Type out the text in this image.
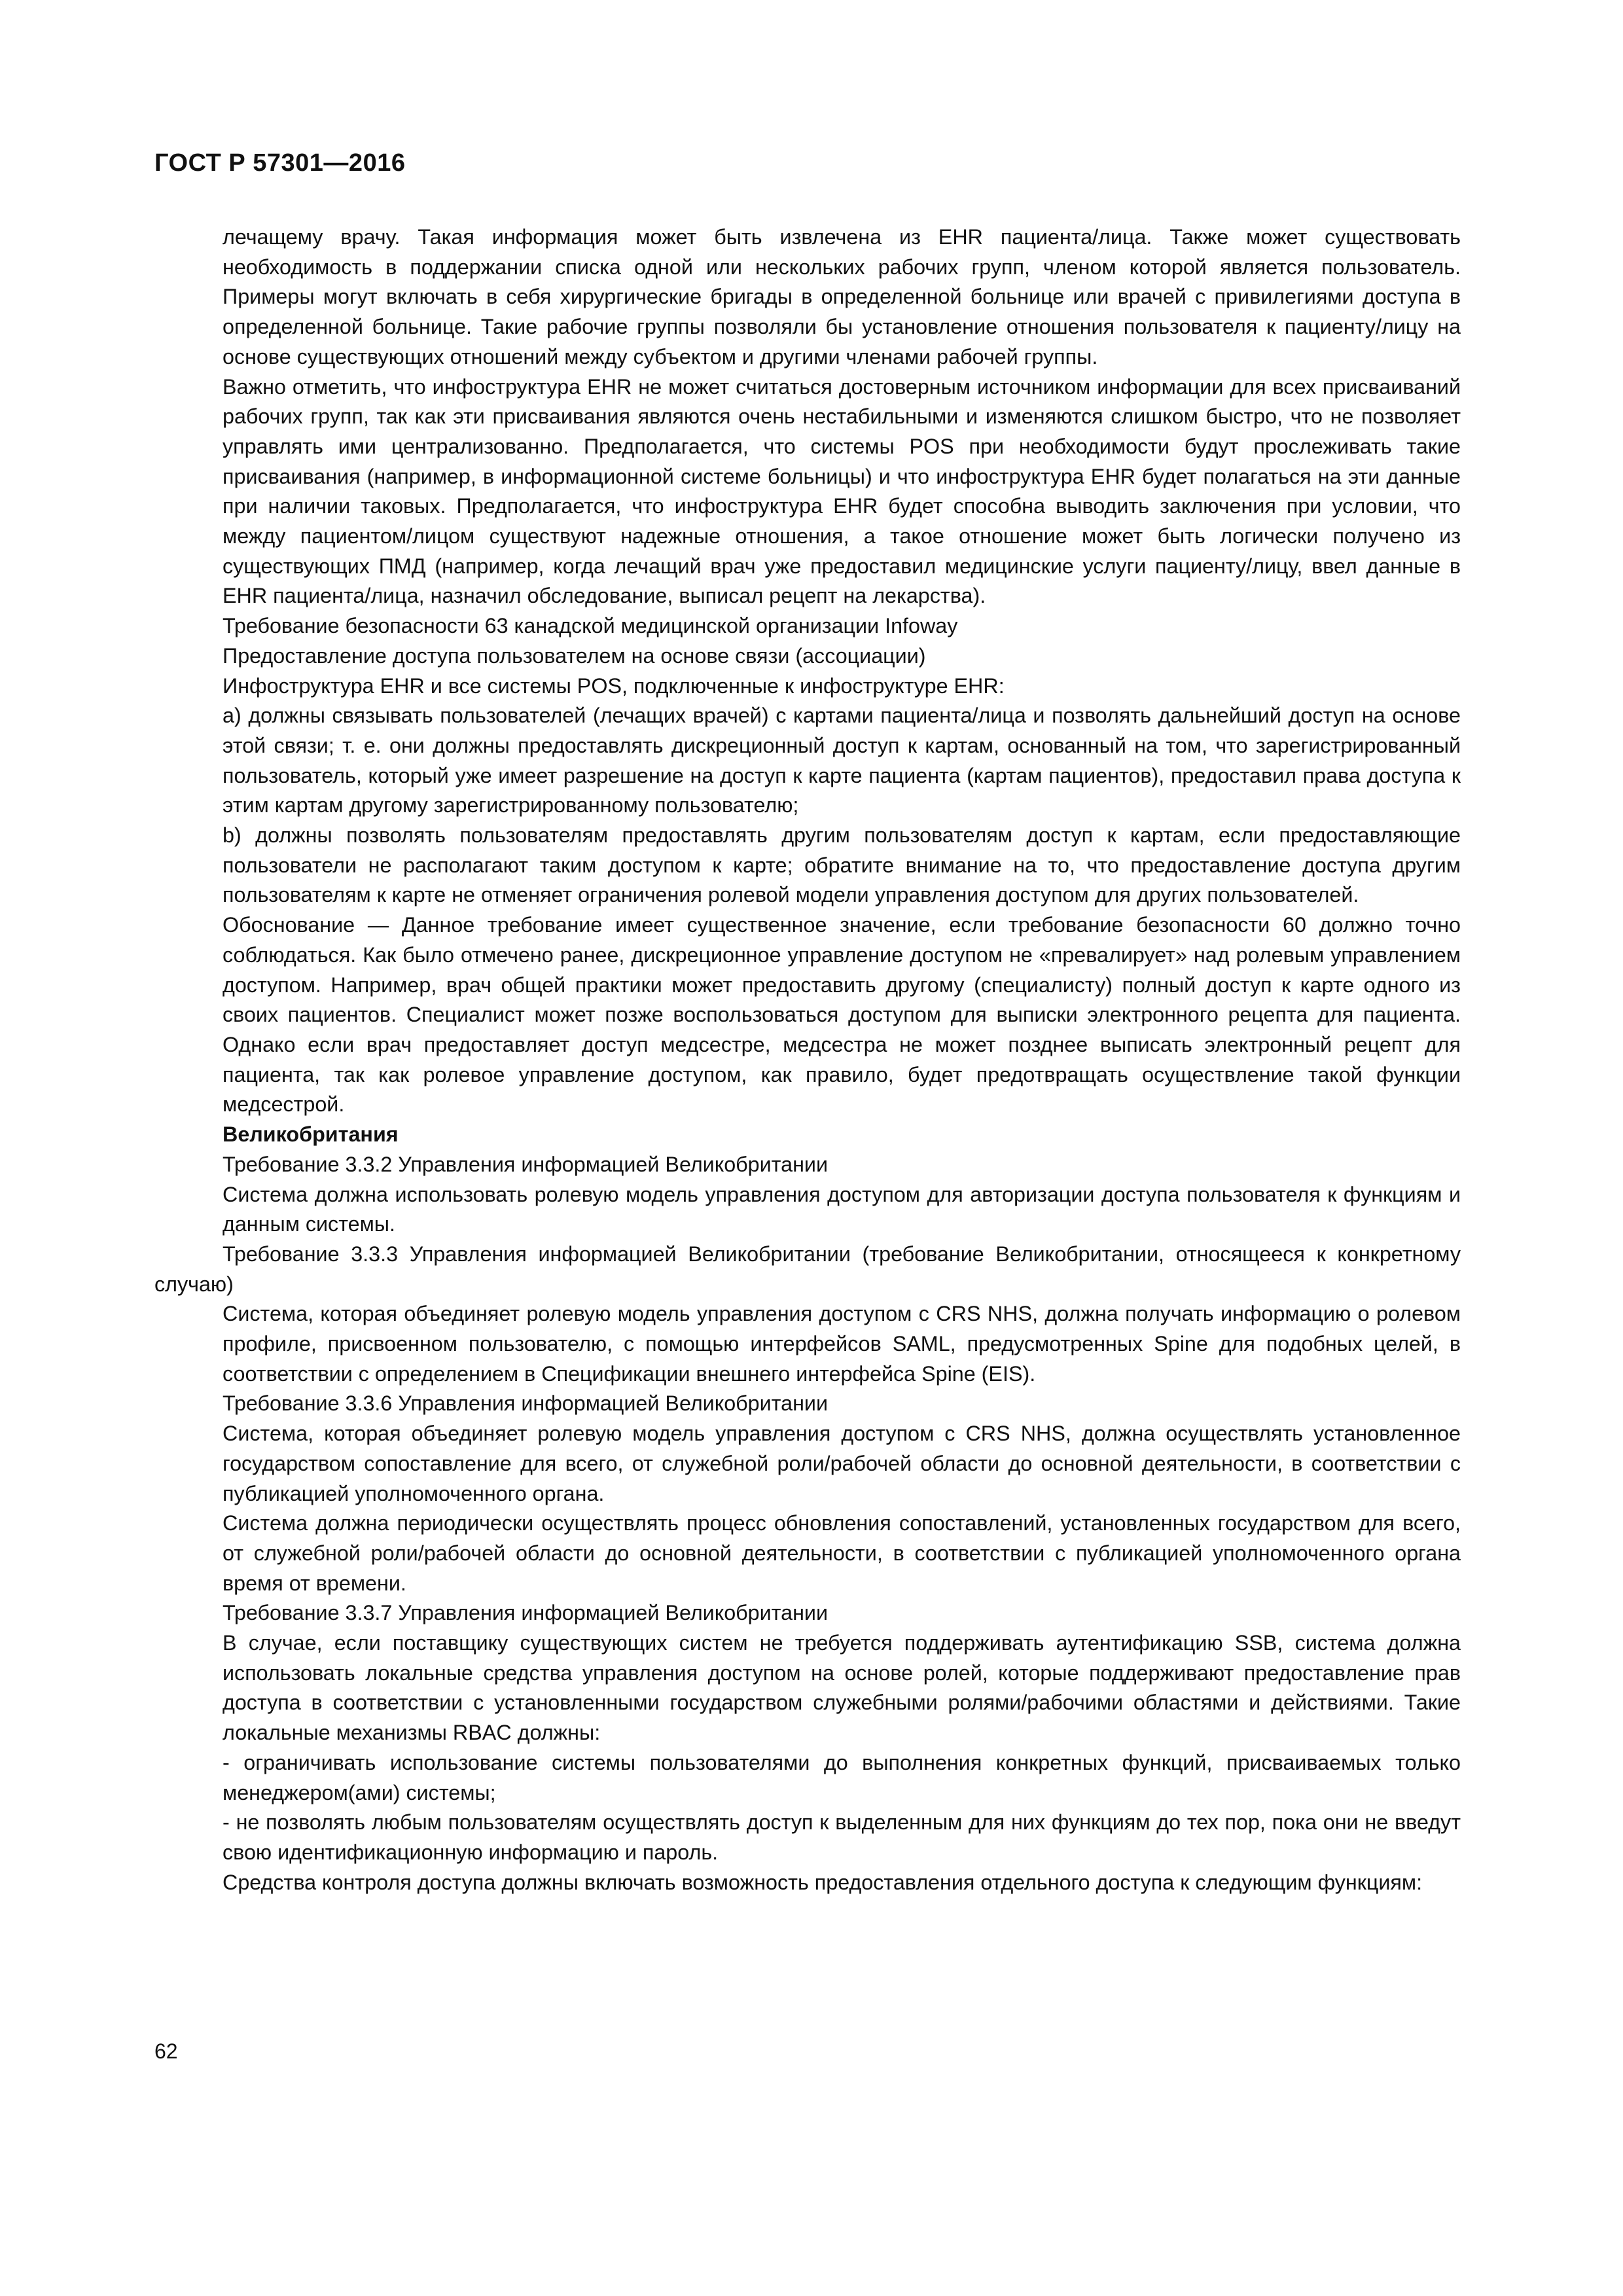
ГОСТ Р 57301—2016

лечащему врачу. Такая информация может быть извлечена из EHR пациента/лица. Также может существовать необходимость в поддержании списка одной или нескольких рабочих групп, членом которой является пользователь. Примеры могут включать в себя хирургические бригады в определенной больнице или врачей с привилегиями доступа в определенной больнице. Такие рабочие группы позволяли бы установление отношения пользователя к пациенту/лицу на основе существующих отношений между субъектом и другими членами рабочей группы.

Важно отметить, что инфоструктура EHR не может считаться достоверным источником информации для всех присваиваний рабочих групп, так как эти присваивания являются очень нестабильными и изменяются слишком быстро, что не позволяет управлять ими централизованно. Предполагается, что системы POS при необходимости будут прослеживать такие присваивания (например, в информационной системе больницы) и что инфоструктура EHR будет полагаться на эти данные при наличии таковых. Предполагается, что инфоструктура EHR будет способна выводить заключения при условии, что между пациентом/лицом существуют надежные отношения, а такое отношение может быть логически получено из существующих ПМД (например, когда лечащий врач уже предоставил медицинские услуги пациенту/лицу, ввел данные в EHR пациента/лица, назначил обследование, выписал рецепт на лекарства).

Требование безопасности 63 канадской медицинской организации Infoway

Предоставление доступа пользователем на основе связи (ассоциации)

Инфоструктура EHR и все системы POS, подключенные к инфоструктуре EHR:

a) должны связывать пользователей (лечащих врачей) с картами пациента/лица и позволять дальнейший доступ на основе этой связи; т. е. они должны предоставлять дискреционный доступ к картам, основанный на том, что зарегистрированный пользователь, который уже имеет разрешение на доступ к карте пациента (картам пациентов), предоставил права доступа к этим картам другому зарегистрированному пользователю;

b) должны позволять пользователям предоставлять другим пользователям доступ к картам, если предоставляющие пользователи не располагают таким доступом к карте; обратите внимание на то, что предоставление доступа другим пользователям к карте не отменяет ограничения ролевой модели управления доступом для других пользователей.

Обоснование — Данное требование имеет существенное значение, если требование безопасности 60 должно точно соблюдаться. Как было отмечено ранее, дискреционное управление доступом не «превалирует» над ролевым управлением доступом. Например, врач общей практики может предоставить другому (специалисту) полный доступ к карте одного из своих пациентов. Специалист может позже воспользоваться доступом для выписки электронного рецепта для пациента. Однако если врач предоставляет доступ медсестре, медсестра не может позднее выписать электронный рецепт для пациента, так как ролевое управление доступом, как правило, будет предотвращать осуществление такой функции медсестрой.

Великобритания

Требование 3.3.2 Управления информацией Великобритании

Система должна использовать ролевую модель управления доступом для авторизации доступа пользователя к функциям и данным системы.

Требование 3.3.3 Управления информацией Великобритании (требование Великобритании, относящееся к конкретному случаю)

Система, которая объединяет ролевую модель управления доступом с CRS NHS, должна получать информацию о ролевом профиле, присвоенном пользователю, с помощью интерфейсов SAML, предусмотренных Spine для подобных целей, в соответствии с определением в Спецификации внешнего интерфейса Spine (EIS).

Требование 3.3.6 Управления информацией Великобритании

Система, которая объединяет ролевую модель управления доступом с CRS NHS, должна осуществлять установленное государством сопоставление для всего, от служебной роли/рабочей области до основной деятельности, в соответствии с публикацией уполномоченного органа.

Система должна периодически осуществлять процесс обновления сопоставлений, установленных государством для всего, от служебной роли/рабочей области до основной деятельности, в соответствии с публикацией уполномоченного органа время от времени.

Требование 3.3.7 Управления информацией Великобритании

В случае, если поставщику существующих систем не требуется поддерживать аутентификацию SSB, система должна использовать локальные средства управления доступом на основе ролей, которые поддерживают предоставление прав доступа в соответствии с установленными государством служебными ролями/рабочими областями и действиями. Такие локальные механизмы RBAC должны:

- ограничивать использование системы пользователями до выполнения конкретных функций, присваиваемых только менеджером(ами) системы;

- не позволять любым пользователям осуществлять доступ к выделенным для них функциям до тех пор, пока они не введут свою идентификационную информацию и пароль.

Средства контроля доступа должны включать возможность предоставления отдельного доступа к следующим функциям:

62
